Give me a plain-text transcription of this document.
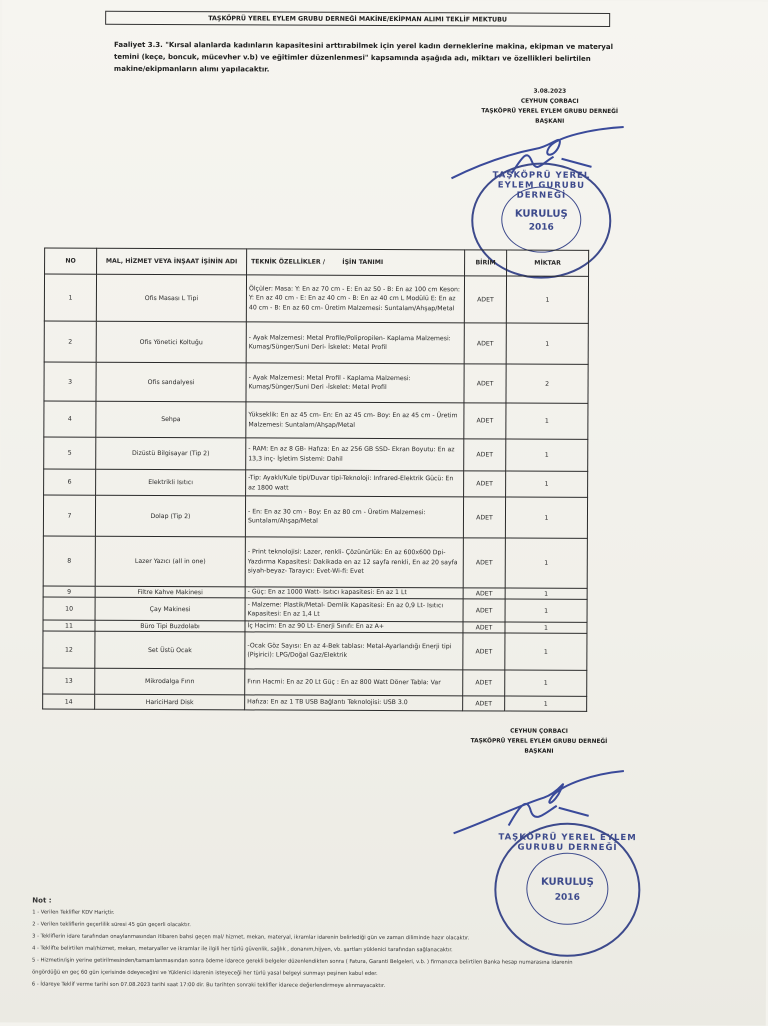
TAŞKÖPRÜ YEREL EYLEM GRUBU DERNEĞİ MAKİNE/EKİPMAN ALIMI TEKLİF MEKTUBU
Faaliyet 3.3. "Kırsal alanlarda kadınların kapasitesini arttırabilmek için yerel kadın derneklerine makina, ekipman ve materyal temini (keçe, boncuk, mücevher v.b) ve eğitimler düzenlenmesi" kapsamında aşağıda adı, miktarı ve özellikleri belirtilen makine/ekipmanların alımı yapılacaktır.
3.08.2023
CEYHUN ÇORBACI
TAŞKÖPRÜ YEREL EYLEM GRUBU DERNEĞİ
BAŞKANI
TAŞKÖPRÜ YEREL EYLEM GURUBU DERNEĞİ
KURULUŞ
2016
NO	MAL, HİZMET VEYA İNŞAAT İŞİNİN ADI	TEKNİK ÖZELLİKLER / İŞİN TANIMI	BİRİM	MİKTAR
1	Ofis Masası L Tipi	Ölçüler: Masa: Y: En az 70 cm - E: En az 50 - B: En az 100 cm Keson: Y: En az 40 cm - E: En az 40 cm - B: En az 40 cm L Modülü E: En az 40 cm - B: En az 60 cm- Üretim Malzemesi: Suntalam/Ahşap/Metal	ADET	1
2	Ofis Yönetici Koltuğu	- Ayak Malzemesi: Metal Profile/Polipropilen- Kaplama Malzemesi: Kumaş/Sünger/Suni Deri- İskelet: Metal Profil	ADET	1
3	Ofis sandalyesi	- Ayak Malzemesi: Metal Profil - Kaplama Malzemesi: Kumaş/Sünger/Suni Deri -İskelet: Metal Profil	ADET	2
4	Sehpa	Yükseklik: En az 45 cm- En: En az 45 cm- Boy: En az 45 cm - Üretim Malzemesi: Suntalam/Ahşap/Metal	ADET	1
5	Dizüstü Bilgisayar (Tip 2)	- RAM: En az 8 GB- Hafıza: En az 256 GB SSD- Ekran Boyutu: En az 13,3 inç- İşletim Sistemi: Dahil	ADET	1
6	Elektrikli Isıtıcı	-Tip: Ayaklı/Kule tipi/Duvar tipi-Teknoloji: Infrared-Elektrik Gücü: En az 1800 watt	ADET	1
7	Dolap (Tip 2)	- En: En az 30 cm - Boy: En az 80 cm - Üretim Malzemesi: Suntalam/Ahşap/Metal	ADET	1
8	Lazer Yazıcı (all in one)	- Print teknolojisi: Lazer, renkli- Çözünürlük: En az 600x600 Dpi- Yazdırma Kapasitesi: Dakikada en az 12 sayfa renkli, En az 20 sayfa siyah-beyaz- Tarayıcı: Evet-Wi-fi: Evet	ADET	1
9	Filtre Kahve Makinesi	- Güç: En az 1000 Watt- Isıtıcı kapasitesi: En az 1 Lt	ADET	1
10	Çay Makinesi	- Malzeme: Plastik/Metal- Demlik Kapasitesi: En az 0,9 Lt- Isıtıcı Kapasitesi: En az 1,4 Lt	ADET	1
11	Büro Tipi Buzdolabı	İç Hacim: En az 90 Lt- Enerji Sınıfı: En az A+	ADET	1
12	Set Üstü Ocak	-Ocak Göz Sayısı: En az 4-Bek tablası: Metal-Ayarlandığı Enerji tipi (Pişirici): LPG/Doğal Gaz/Elektrik	ADET	1
13	Mikrodalga Fırın	Fırın Hacmi: En az 20 Lt Güç : En az 800 Watt Döner Tabla: Var	ADET	1
14	HariciHard Disk	Hafıza: En az 1 TB USB Bağlantı Teknolojisi: USB 3.0	ADET	1
CEYHUN ÇORBACI
TAŞKÖPRÜ YEREL EYLEM GRUBU DERNEĞİ
BAŞKANI
TAŞKÖPRÜ YEREL EYLEM GURUBU DERNEĞİ
KURULUŞ
2016
Not :
1 - Verilen Teklifler KDV Hariçtir.
2 - Verilen tekliflerin geçerlilik süresi 45 gün geçerli olacaktır.
3 - Tekliflerin idare tarafından onaylanmasından itibaren bahsi geçen mal/ hizmet, mekan, materyal, ikramlar idarenin belirlediği gün ve zaman diliminde hazır olacaktır.
4 - Teklifte belirtilen mal/hizmet, mekan, metaryaller ve ikramlar ile ilgili her türlü güvenlik, sağlık , donanım,hijyen, vb. şartları yüklenici tarafından sağlanacaktır.
5 - Hizmetin/işin yerine getirilmesinden/tamamlanmasından sonra ödeme idarece gerekli belgeler düzenlendikten sonra ( Fatura, Garanti Belgeleri, v.b. ) firmanızca belirtilen Banka hesap numarasına idarenin öngördüğü en geç 60 gün içerisinde ödeyeceğini ve Yüklenici idarenin isteyeceği her türlü yasal belgeyi sunmayı peşinen kabul eder.
6 - İdareye Teklif verme tarihi son 07.08.2023 tarihi saat 17:00 dir. Bu tarihten sonraki teklifler idarece değerlendirmeye alınmayacaktır.
